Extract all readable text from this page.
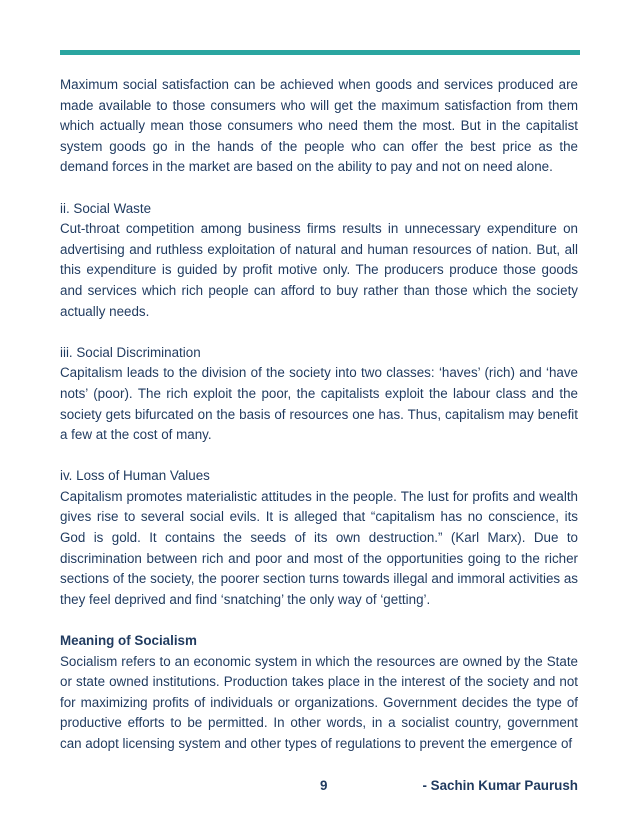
Maximum social satisfaction can be achieved when goods and services produced are made available to those consumers who will get the maximum satisfaction from them which actually mean those consumers who need them the most. But in the capitalist system goods go in the hands of the people who can offer the best price as the demand forces in the market are based on the ability to pay and not on need alone.

ii. Social Waste

Cut-throat competition among business firms results in unnecessary expenditure on advertising and ruthless exploitation of natural and human resources of nation. But, all this expenditure is guided by profit motive only. The producers produce those goods and services which rich people can afford to buy rather than those which the society actually needs.

iii. Social Discrimination

Capitalism leads to the division of the society into two classes: ‘haves’ (rich) and ‘have nots’ (poor). The rich exploit the poor, the capitalists exploit the labour class and the society gets bifurcated on the basis of resources one has. Thus, capitalism may benefit a few at the cost of many.

iv. Loss of Human Values

Capitalism promotes materialistic attitudes in the people. The lust for profits and wealth gives rise to several social evils. It is alleged that “capitalism has no conscience, its God is gold. It contains the seeds of its own destruction.” (Karl Marx). Due to discrimination between rich and poor and most of the opportunities going to the richer sections of the society, the poorer section turns towards illegal and immoral activities as they feel deprived and find ‘snatching’ the only way of ‘getting’.

Meaning of Socialism

Socialism refers to an economic system in which the resources are owned by the State or state owned institutions. Production takes place in the interest of the society and not for maximizing profits of individuals or organizations. Government decides the type of productive efforts to be permitted. In other words, in a socialist country, government can adopt licensing system and other types of regulations to prevent the emergence of

9	- Sachin Kumar Paurush
